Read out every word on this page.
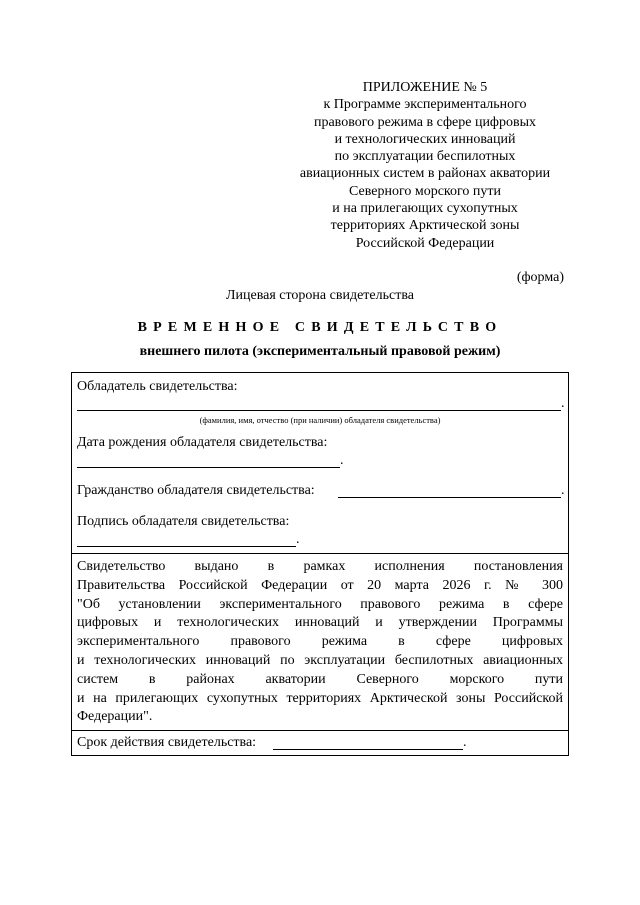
ПРИЛОЖЕНИЕ № 5
к Программе экспериментального
правового режима в сфере цифровых
и технологических инноваций
по эксплуатации беспилотных
авиационных систем в районах акватории
Северного морского пути
и на прилегающих сухопутных
территориях Арктической зоны
Российской Федерации
(форма)
Лицевая сторона свидетельства
ВРЕМЕННОЕ СВИДЕТЕЛЬСТВО
внешнего пилота (экспериментальный правовой режим)
Обладатель свидетельства:
.
(фамилия, имя, отчество (при наличии) обладателя свидетельства)
Дата рождения обладателя свидетельства:
.
Гражданство обладателя свидетельства:	.
Подпись обладателя свидетельства:
.
Свидетельство выдано в рамках исполнения постановления
Правительства Российской Федерации от 20 марта 2026 г. № 300
"Об установлении экспериментального правового режима в сфере
цифровых и технологических инноваций и утверждении Программы
экспериментального правового режима в сфере цифровых
и технологических инноваций по эксплуатации беспилотных авиационных
систем в районах акватории Северного морского пути
и на прилегающих сухопутных территориях Арктической зоны Российской
Федерации".
Срок действия свидетельства:	.
